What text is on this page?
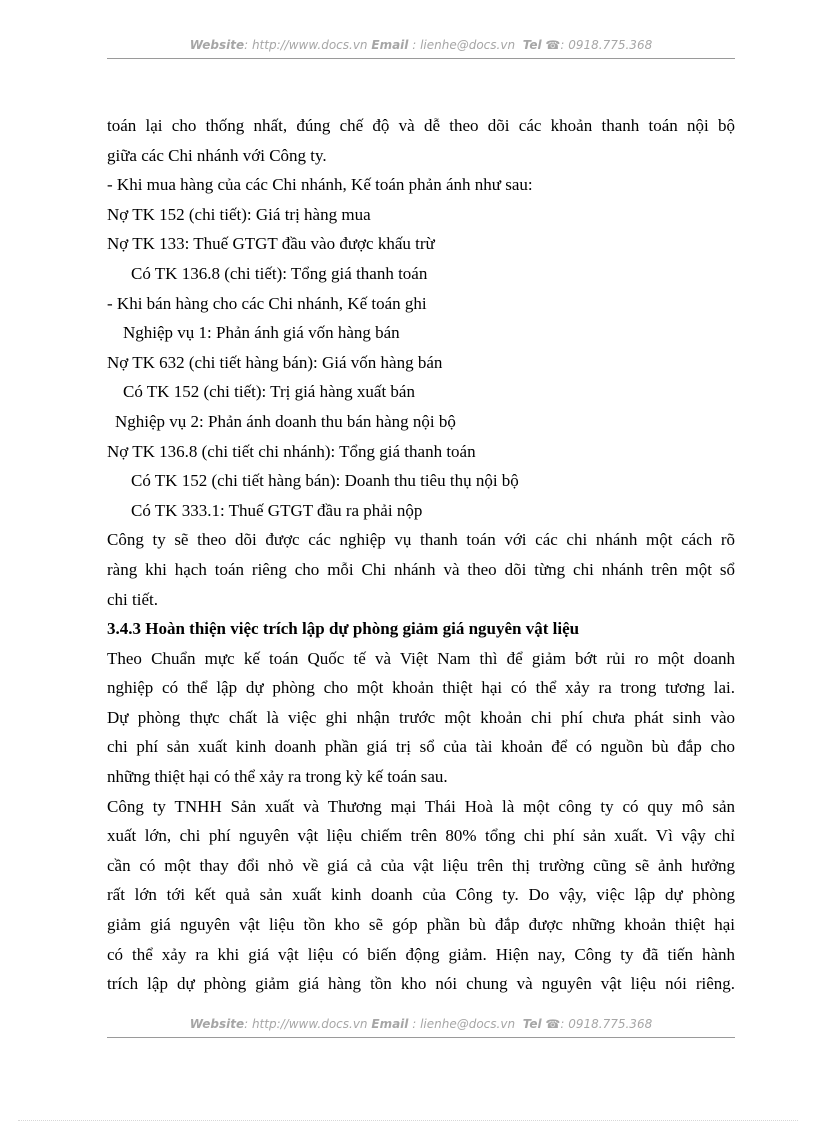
Website: http://www.docs.vn Email : lienhe@docs.vn Tel ☎: 0918.775.368
toán lại cho thống nhất, đúng chế độ và dễ theo dõi các khoản thanh toán nội bộ
giữa các Chi nhánh với Công ty.
- Khi mua hàng của các Chi nhánh, Kế toán phản ánh như sau:
Nợ TK 152 (chi tiết): Giá trị hàng mua
Nợ TK 133: Thuế GTGT đầu vào được khấu trừ
Có TK 136.8 (chi tiết): Tổng giá thanh toán
- Khi bán hàng cho các Chi nhánh, Kế toán ghi
Nghiệp vụ 1: Phản ánh giá vốn hàng bán
Nợ TK 632 (chi tiết hàng bán): Giá vốn hàng bán
Có TK 152 (chi tiết): Trị giá hàng xuất bán
Nghiệp vụ 2: Phản ánh doanh thu bán hàng nội bộ
Nợ TK 136.8 (chi tiết chi nhánh): Tổng giá thanh toán
Có TK 152 (chi tiết hàng bán): Doanh thu tiêu thụ nội bộ
Có TK 333.1: Thuế GTGT đầu ra phải nộp
Công ty sẽ theo dõi được các nghiệp vụ thanh toán với các chi nhánh một cách rõ
ràng khi hạch toán riêng cho mỗi Chi nhánh và theo dõi từng chi nhánh trên một sổ
chi tiết.
3.4.3 Hoàn thiện việc trích lập dự phòng giảm giá nguyên vật liệu
Theo Chuẩn mực kế toán Quốc tế và Việt Nam thì để giảm bớt rủi ro một doanh
nghiệp có thể lập dự phòng cho một khoản thiệt hại có thể xảy ra trong tương lai.
Dự phòng thực chất là việc ghi nhận trước một khoản chi phí chưa phát sinh vào
chi phí sản xuất kinh doanh phần giá trị sổ của tài khoản để có nguồn bù đắp cho
những thiệt hại có thể xảy ra trong kỳ kế toán sau.
Công ty TNHH Sản xuất và Thương mại Thái Hoà là một công ty có quy mô sản
xuất lớn, chi phí nguyên vật liệu chiếm trên 80% tổng chi phí sản xuất. Vì vậy chỉ
cần có một thay đổi nhỏ về giá cả của vật liệu trên thị trường cũng sẽ ảnh hưởng
rất lớn tới kết quả sản xuất kinh doanh của Công ty. Do vậy, việc lập dự phòng
giảm giá nguyên vật liệu tồn kho sẽ góp phần bù đắp được những khoản thiệt hại
có thể xảy ra khi giá vật liệu có biến động giảm. Hiện nay, Công ty đã tiến hành
trích lập dự phòng giảm giá hàng tồn kho nói chung và nguyên vật liệu nói riêng.
Website: http://www.docs.vn Email : lienhe@docs.vn Tel ☎: 0918.775.368
